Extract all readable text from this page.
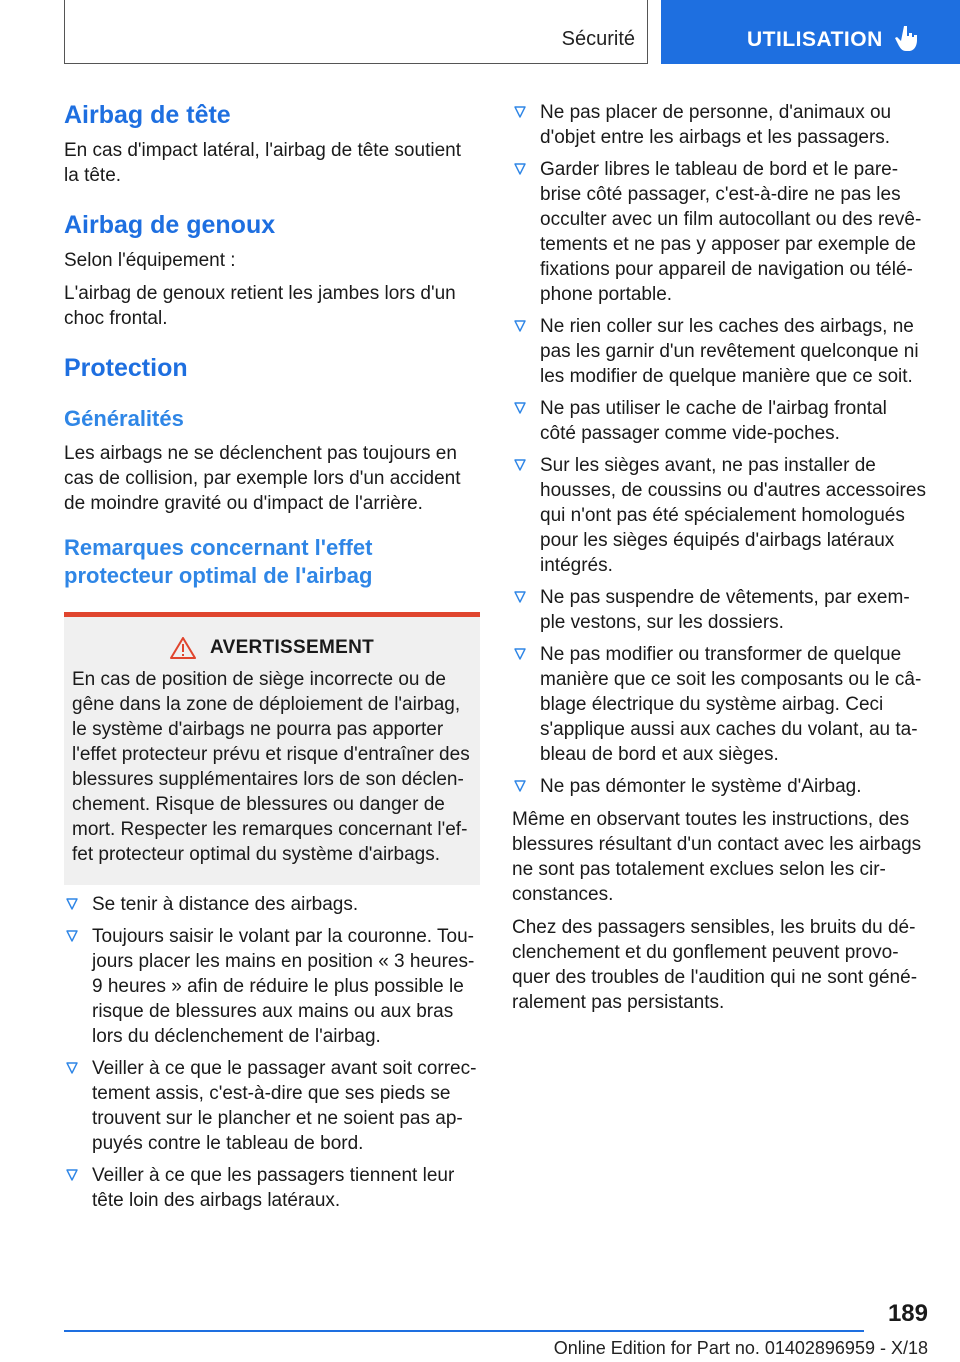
Sécurité	UTILISATION
Airbag de tête

En cas d'impact latéral, l'airbag de tête soutient la tête.

Airbag de genoux

Selon l'équipement :

L'airbag de genoux retient les jambes lors d'un choc frontal.

Protection
Généralités

Les airbags ne se déclenchent pas toujours en cas de collision, par exemple lors d'un accident de moindre gravité ou d'impact de l'arrière.

Remarques concernant l'effet protecteur optimal de l'airbag
AVERTISSEMENT

En cas de position de siège incorrecte ou de gêne dans la zone de déploiement de l'airbag, le système d'airbags ne pourra pas apporter l'effet protecteur prévu et risque d'entraîner des blessures supplémentaires lors de son déclenchement. Risque de blessures ou danger de mort. Respecter les remarques concernant l'effet protecteur optimal du système d'airbags.

Se tenir à distance des airbags.
Toujours saisir le volant par la couronne. Toujours placer les mains en position « 3 heures-9 heures » afin de réduire le plus possible le risque de blessures aux mains ou aux bras lors du déclenchement de l'airbag.
Veiller à ce que le passager avant soit correctement assis, c'est-à-dire que ses pieds se trouvent sur le plancher et ne soient pas appuyés contre le tableau de bord.
Veiller à ce que les passagers tiennent leur tête loin des airbags latéraux.
Ne pas placer de personne, d'animaux ou d'objet entre les airbags et les passagers.
Garder libres le tableau de bord et le pare-brise côté passager, c'est-à-dire ne pas les occulter avec un film autocollant ou des revêtements et ne pas y apposer par exemple de fixations pour appareil de navigation ou téléphone portable.
Ne rien coller sur les caches des airbags, ne pas les garnir d'un revêtement quelconque ni les modifier de quelque manière que ce soit.
Ne pas utiliser le cache de l'airbag frontal côté passager comme vide-poches.
Sur les sièges avant, ne pas installer de housses, de coussins ou d'autres accessoires qui n'ont pas été spécialement homologués pour les sièges équipés d'airbags latéraux intégrés.
Ne pas suspendre de vêtements, par exemple vestons, sur les dossiers.
Ne pas modifier ou transformer de quelque manière que ce soit les composants ou le câblage électrique du système airbag. Ceci s'applique aussi aux caches du volant, au tableau de bord et aux sièges.
Ne pas démonter le système d'Airbag.

Même en observant toutes les instructions, des blessures résultant d'un contact avec les airbags ne sont pas totalement exclues selon les circonstances.

Chez des passagers sensibles, les bruits du déclenchement et du gonflement peuvent provoquer des troubles de l'audition qui ne sont généralement pas persistants.

189
Online Edition for Part no. 01402896959 - X/18
